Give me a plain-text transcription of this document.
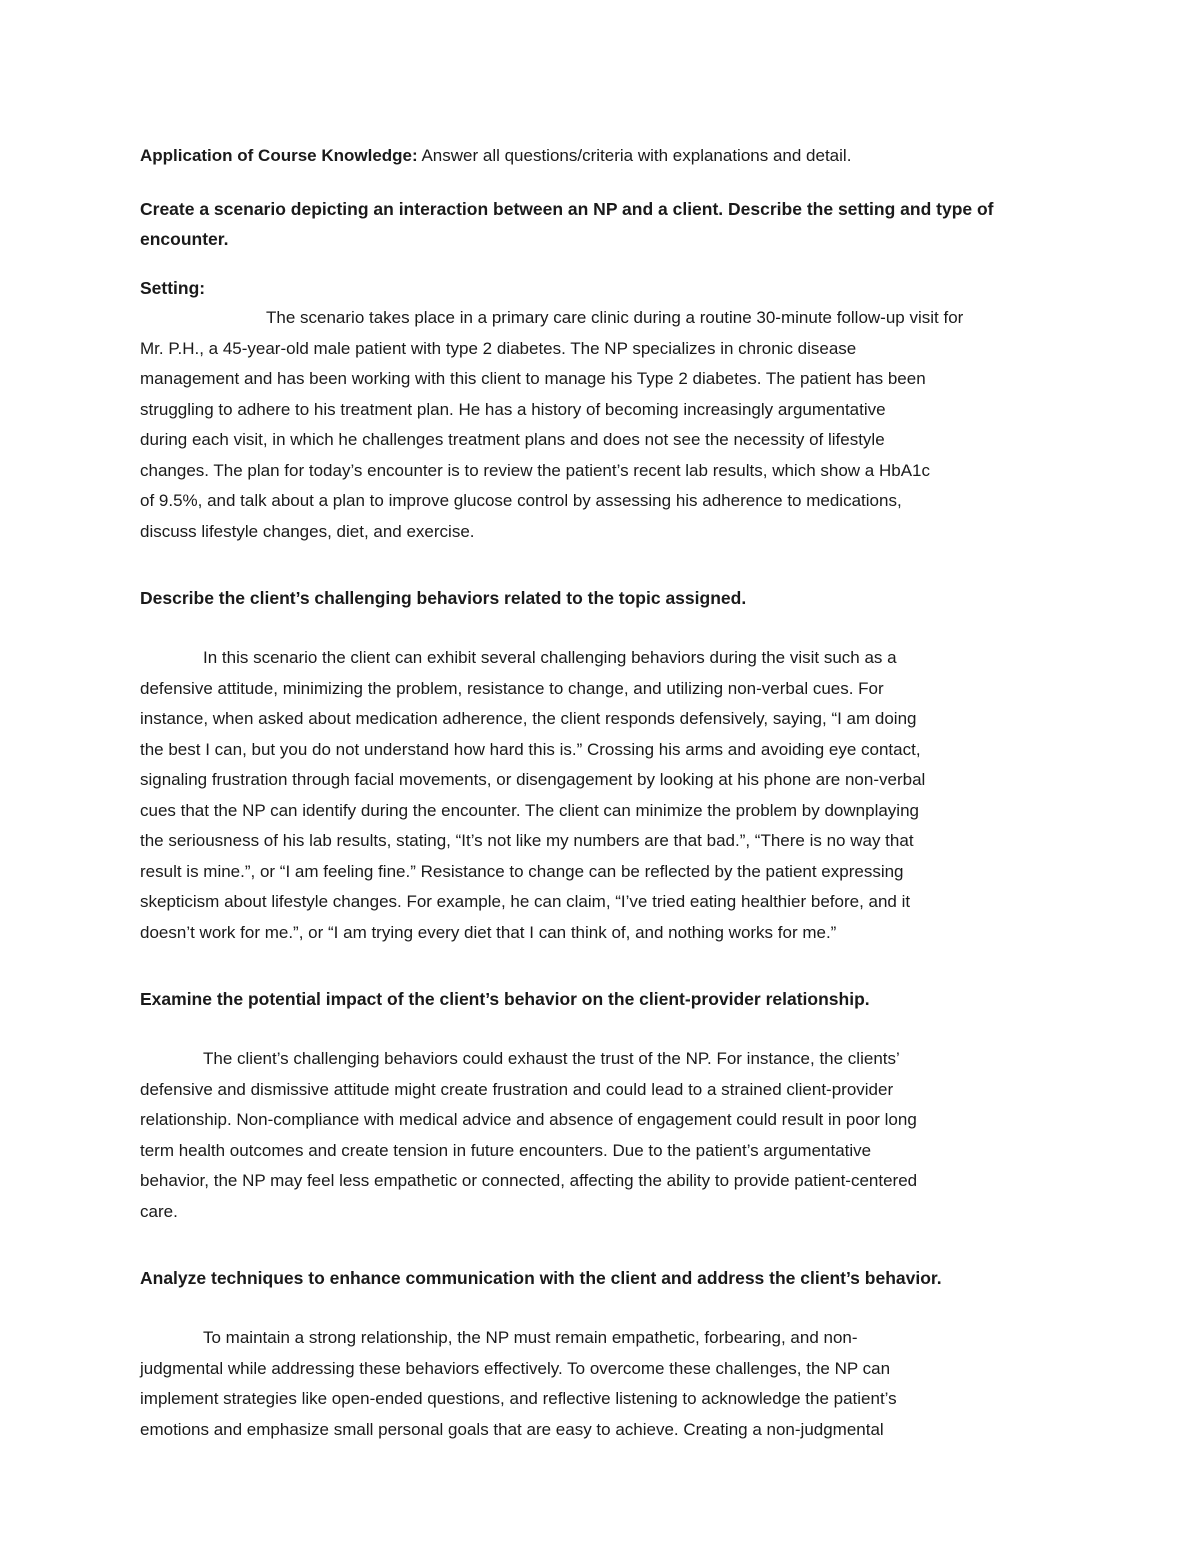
Application of Course Knowledge: Answer all questions/criteria with explanations and detail.

Create a scenario depicting an interaction between an NP and a client. Describe the setting and type of
encounter.
Setting:
The scenario takes place in a primary care clinic during a routine 30-minute follow-up visit for
Mr. P.H., a 45-year-old male patient with type 2 diabetes. The NP specializes in chronic disease
management and has been working with this client to manage his Type 2 diabetes. The patient has been
struggling to adhere to his treatment plan. He has a history of becoming increasingly argumentative
during each visit, in which he challenges treatment plans and does not see the necessity of lifestyle
changes. The plan for today’s encounter is to review the patient’s recent lab results, which show a HbA1c
of 9.5%, and talk about a plan to improve glucose control by assessing his adherence to medications,
discuss lifestyle changes, diet, and exercise.
Describe the client’s challenging behaviors related to the topic assigned.
In this scenario the client can exhibit several challenging behaviors during the visit such as a
defensive attitude, minimizing the problem, resistance to change, and utilizing non-verbal cues. For
instance, when asked about medication adherence, the client responds defensively, saying, “I am doing
the best I can, but you do not understand how hard this is.” Crossing his arms and avoiding eye contact,
signaling frustration through facial movements, or disengagement by looking at his phone are non-verbal
cues that the NP can identify during the encounter. The client can minimize the problem by downplaying
the seriousness of his lab results, stating, “It’s not like my numbers are that bad.”, “There is no way that
result is mine.”, or “I am feeling fine.” Resistance to change can be reflected by the patient expressing
skepticism about lifestyle changes. For example, he can claim, “I’ve tried eating healthier before, and it
doesn’t work for me.”, or “I am trying every diet that I can think of, and nothing works for me.”
Examine the potential impact of the client’s behavior on the client-provider relationship.
The client’s challenging behaviors could exhaust the trust of the NP. For instance, the clients’
defensive and dismissive attitude might create frustration and could lead to a strained client-provider
relationship. Non-compliance with medical advice and absence of engagement could result in poor long
term health outcomes and create tension in future encounters. Due to the patient’s argumentative
behavior, the NP may feel less empathetic or connected, affecting the ability to provide patient-centered
care.
Analyze techniques to enhance communication with the client and address the client’s behavior.
To maintain a strong relationship, the NP must remain empathetic, forbearing, and non-
judgmental while addressing these behaviors effectively. To overcome these challenges, the NP can
implement strategies like open-ended questions, and reflective listening to acknowledge the patient’s
emotions and emphasize small personal goals that are easy to achieve. Creating a non-judgmental
